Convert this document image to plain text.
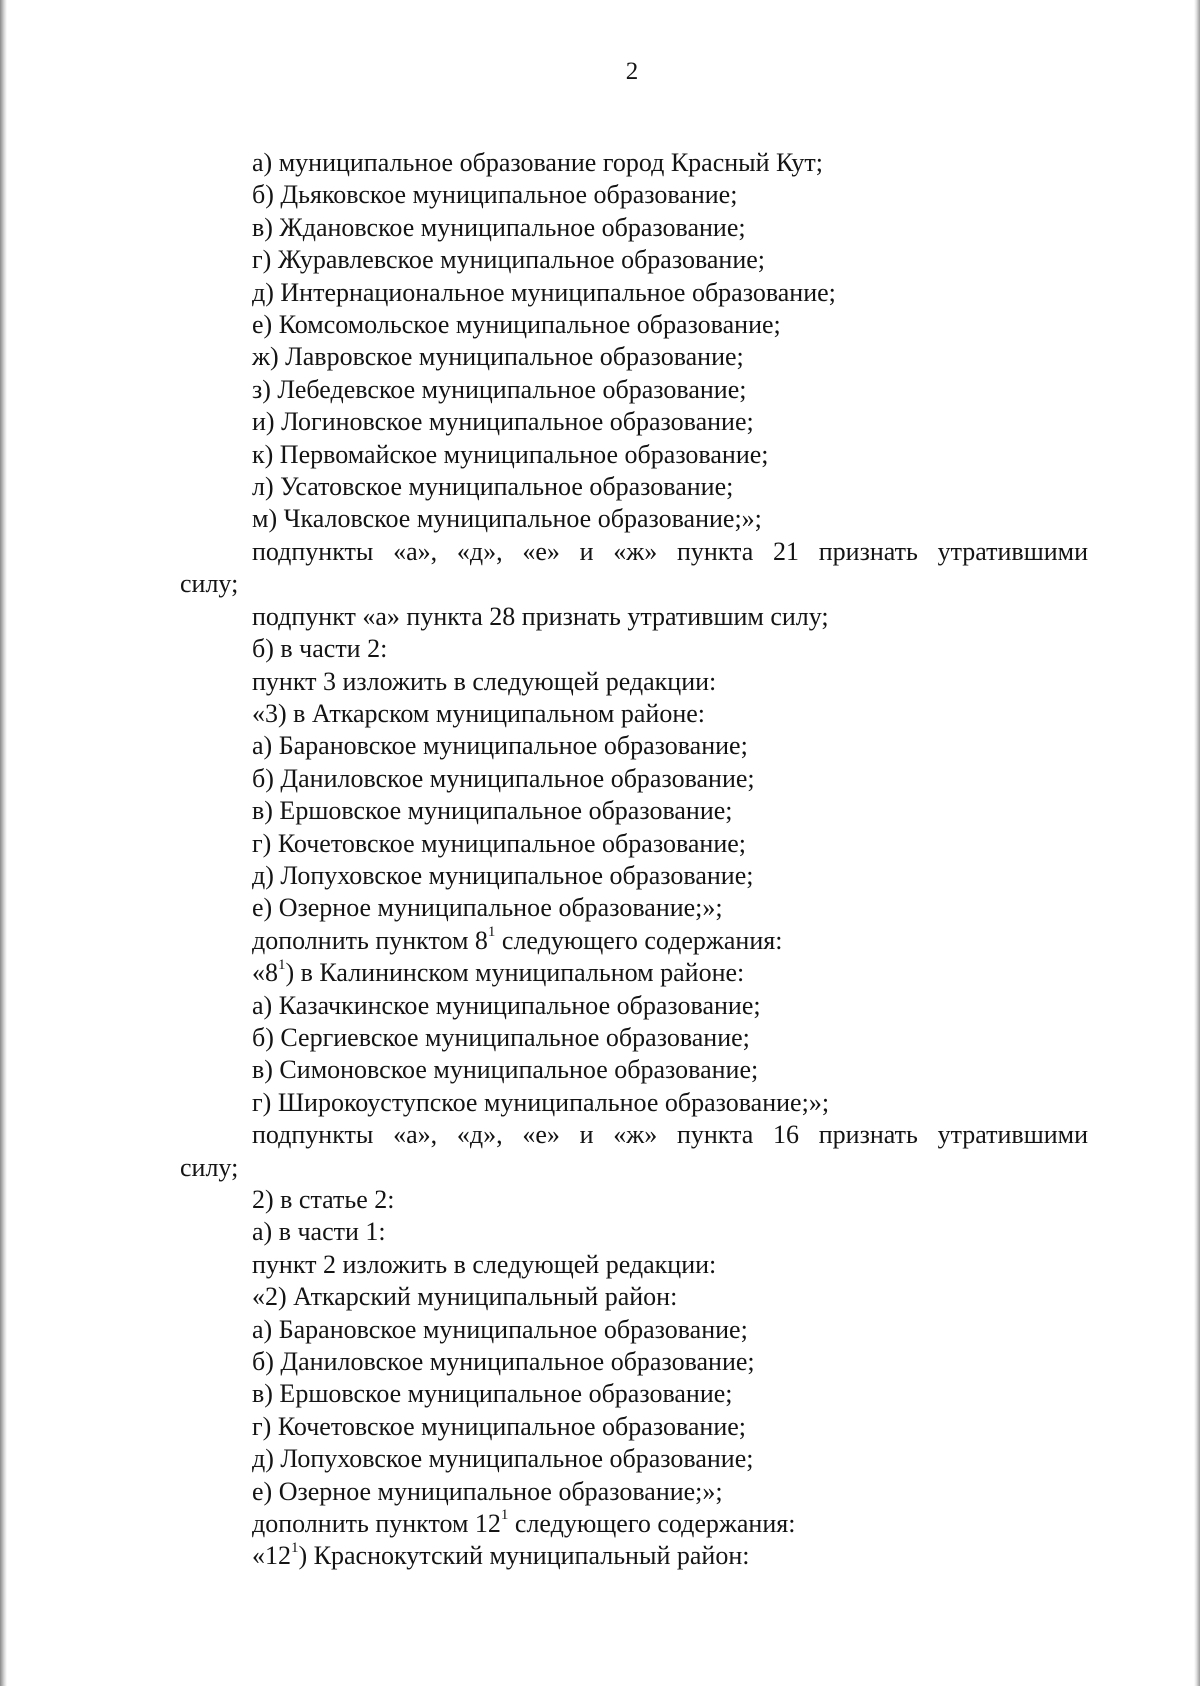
2
а) муниципальное образование город Красный Кут;
б) Дьяковское муниципальное образование;
в) Ждановское муниципальное образование;
г) Журавлевское муниципальное образование;
д) Интернациональное муниципальное образование;
е) Комсомольское муниципальное образование;
ж) Лавровское муниципальное образование;
з) Лебедевское муниципальное образование;
и) Логиновское муниципальное образование;
к) Первомайское муниципальное образование;
л) Усатовское муниципальное образование;
м) Чкаловское муниципальное образование;»;
подпункты «а», «д», «е» и «ж» пункта 21 признать утратившими
силу;
подпункт «а» пункта 28 признать утратившим силу;
б) в части 2:
пункт 3 изложить в следующей редакции:
«3) в Аткарском муниципальном районе:
а) Барановское муниципальное образование;
б) Даниловское муниципальное образование;
в) Ершовское муниципальное образование;
г) Кочетовское муниципальное образование;
д) Лопуховское муниципальное образование;
е) Озерное муниципальное образование;»;
дополнить пунктом $8^1$ следующего содержания:
«$8^1$) в Калининском муниципальном районе:
а) Казачкинское муниципальное образование;
б) Сергиевское муниципальное образование;
в) Симоновское муниципальное образование;
г) Широкоуступское муниципальное образование;»;
подпункты «а», «д», «е» и «ж» пункта 16 признать утратившими
силу;
2) в статье 2:
а) в части 1:
пункт 2 изложить в следующей редакции:
«2) Аткарский муниципальный район:
а) Барановское муниципальное образование;
б) Даниловское муниципальное образование;
в) Ершовское муниципальное образование;
г) Кочетовское муниципальное образование;
д) Лопуховское муниципальное образование;
е) Озерное муниципальное образование;»;
дополнить пунктом $12^1$ следующего содержания:
«$12^1$) Краснокутский муниципальный район:
